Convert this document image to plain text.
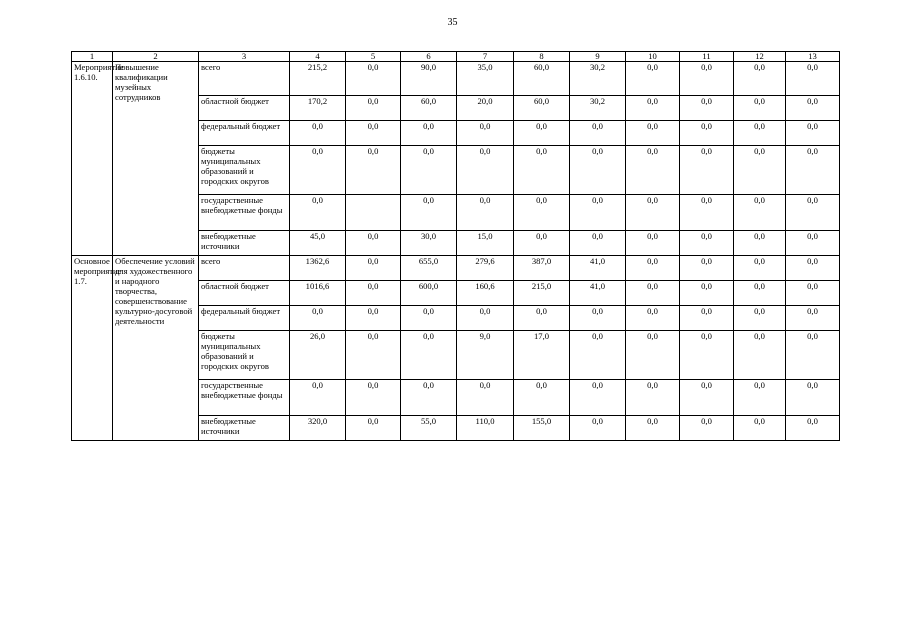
35
1	2	3	4	5	6	7	8	9	10	11	12	13
Мероприятие 1.6.10.	Повышение квалификации музейных сотрудников	всего	215,2	0,0	90,0	35,0	60,0	30,2	0,0	0,0	0,0	0,0
		областной бюджет	170,2	0,0	60,0	20,0	60,0	30,2	0,0	0,0	0,0	0,0
		федеральный бюджет	0,0	0,0	0,0	0,0	0,0	0,0	0,0	0,0	0,0	0,0
		бюджеты муниципальных образований и городских округов	0,0	0,0	0,0	0,0	0,0	0,0	0,0	0,0	0,0	0,0
		государственные внебюджетные фонды	0,0		0,0	0,0	0,0	0,0	0,0	0,0	0,0	0,0
		внебюджетные источники	45,0	0,0	30,0	15,0	0,0	0,0	0,0	0,0	0,0	0,0
Основное мероприятие 1.7.	Обеспечение условий для художественного и народного творчества, совершенствование культурно-досуговой деятельности	всего	1362,6	0,0	655,0	279,6	387,0	41,0	0,0	0,0	0,0	0,0
		областной бюджет	1016,6	0,0	600,0	160,6	215,0	41,0	0,0	0,0	0,0	0,0
		федеральный бюджет	0,0	0,0	0,0	0,0	0,0	0,0	0,0	0,0	0,0	0,0
		бюджеты муниципальных образований и городских округов	26,0	0,0	0,0	9,0	17,0	0,0	0,0	0,0	0,0	0,0
		государственные внебюджетные фонды	0,0	0,0	0,0	0,0	0,0	0,0	0,0	0,0	0,0	0,0
		внебюджетные источники	320,0	0,0	55,0	110,0	155,0	0,0	0,0	0,0	0,0	0,0
